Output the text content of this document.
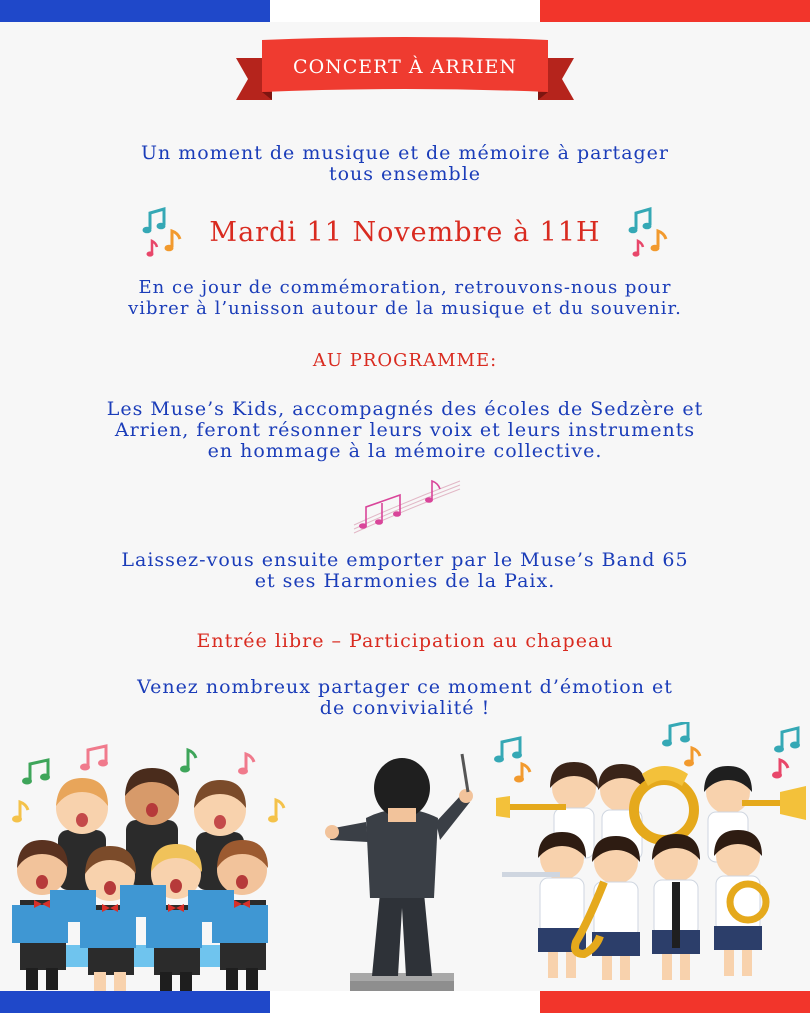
CONCERT À ARRIEN

Un moment de musique et de mémoire à partager
tous ensemble

Mardi 11 Novembre à 11H

En ce jour de commémoration, retrouvons-nous pour
vibrer à l’unisson autour de la musique et du souvenir.

AU PROGRAMME:

Les Muse’s Kids, accompagnés des écoles de Sedzère et
Arrien, feront résonner leurs voix et leurs instruments
en hommage à la mémoire collective.

Laissez-vous ensuite emporter par le Muse’s Band 65
et ses Harmonies de la Paix.

Entrée libre – Participation au chapeau

Venez nombreux partager ce moment d’émotion et
de convivialité !
